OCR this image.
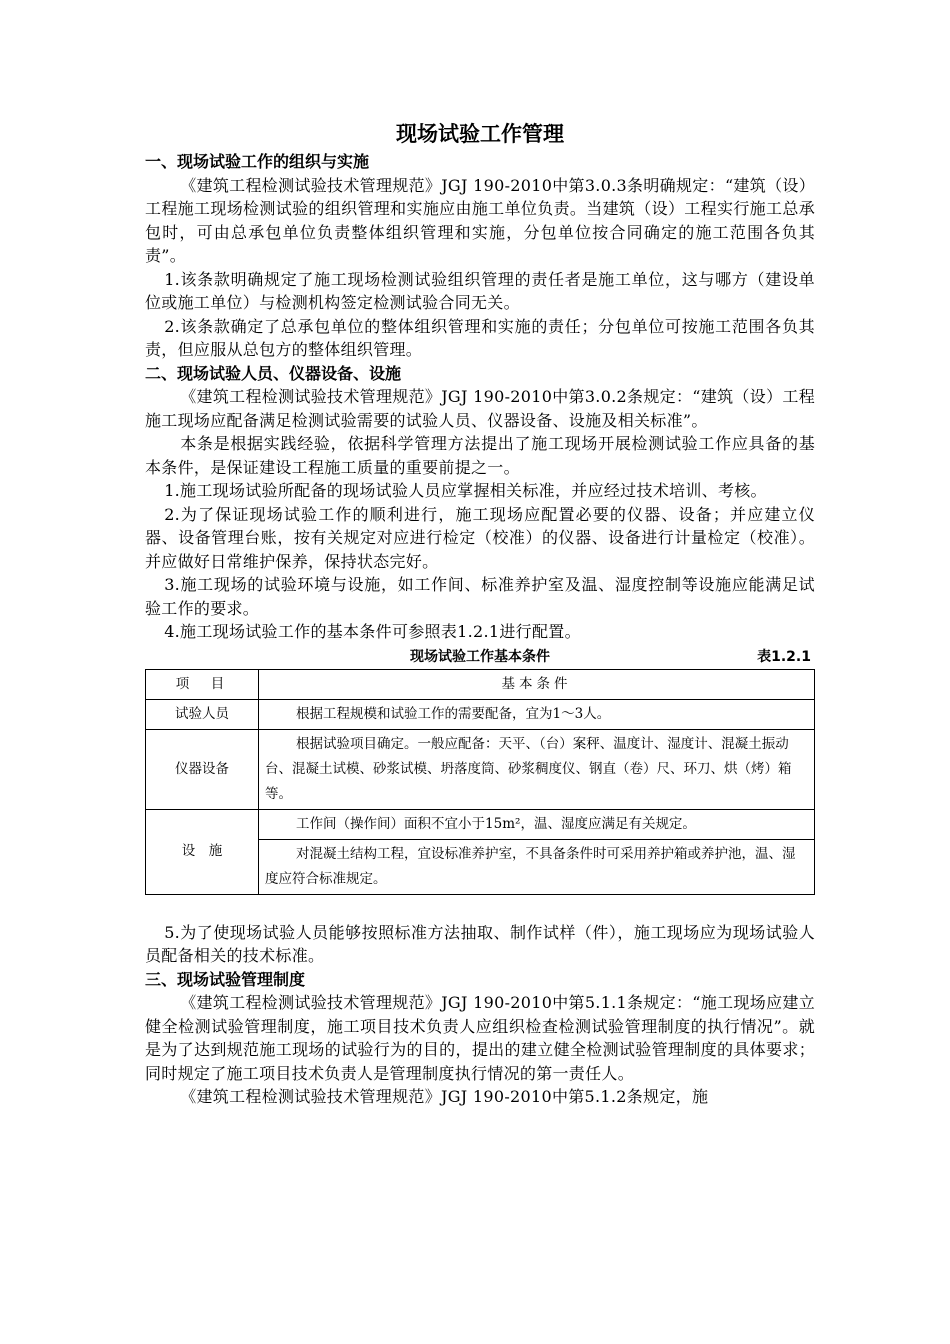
现场试验工作管理
一、现场试验工作的组织与实施

《建筑工程检测试验技术管理规范》JGJ 190-2010中第3.0.3条明确规定：“建筑（设）工程施工现场检测试验的组织管理和实施应由施工单位负责。当建筑（设）工程实行施工总承包时，可由总承包单位负责整体组织管理和实施，分包单位按合同确定的施工范围各负其责”。

1.该条款明确规定了施工现场检测试验组织管理的责任者是施工单位，这与哪方（建设单位或施工单位）与检测机构签定检测试验合同无关。

2.该条款确定了总承包单位的整体组织管理和实施的责任；分包单位可按施工范围各负其责，但应服从总包方的整体组织管理。

二、现场试验人员、仪器设备、设施

《建筑工程检测试验技术管理规范》JGJ 190-2010中第3.0.2条规定：“建筑（设）工程施工现场应配备满足检测试验需要的试验人员、仪器设备、设施及相关标准”。

本条是根据实践经验，依据科学管理方法提出了施工现场开展检测试验工作应具备的基本条件，是保证建设工程施工质量的重要前提之一。

1.施工现场试验所配备的现场试验人员应掌握相关标准，并应经过技术培训、考核。

2.为了保证现场试验工作的顺利进行，施工现场应配置必要的仪器、设备；并应建立仪器、设备管理台账，按有关规定对应进行检定（校准）的仪器、设备进行计量检定（校准）。并应做好日常维护保养，保持状态完好。

3.施工现场的试验环境与设施，如工作间、标准养护室及温、湿度控制等设施应能满足试验工作的要求。

4.施工现场试验工作的基本条件可参照表1.2.1进行配置。

现场试验工作基本条件	表1.2.1
项　目	基本条件
试验人员	根据工程规模和试验工作的需要配备，宜为1～3人。
仪器设备	根据试验项目确定。一般应配备：天平、（台）案秤、温度计、湿度计、混凝土振动台、混凝土试模、砂浆试模、坍落度筒、砂浆稠度仪、钢直（卷）尺、环刀、烘（烤）箱等。
设　施	工作间（操作间）面积不宜小于15m²，温、湿度应满足有关规定。
	对混凝土结构工程，宜设标准养护室，不具备条件时可采用养护箱或养护池，温、湿度应符合标准规定。

5.为了使现场试验人员能够按照标准方法抽取、制作试样（件），施工现场应为现场试验人员配备相关的技术标准。

三、现场试验管理制度

《建筑工程检测试验技术管理规范》JGJ 190-2010中第5.1.1条规定：“施工现场应建立健全检测试验管理制度，施工项目技术负责人应组织检查检测试验管理制度的执行情况”。就是为了达到规范施工现场的试验行为的目的，提出的建立健全检测试验管理制度的具体要求；同时规定了施工项目技术负责人是管理制度执行情况的第一责任人。

《建筑工程检测试验技术管理规范》JGJ 190-2010中第5.1.2条规定，施
